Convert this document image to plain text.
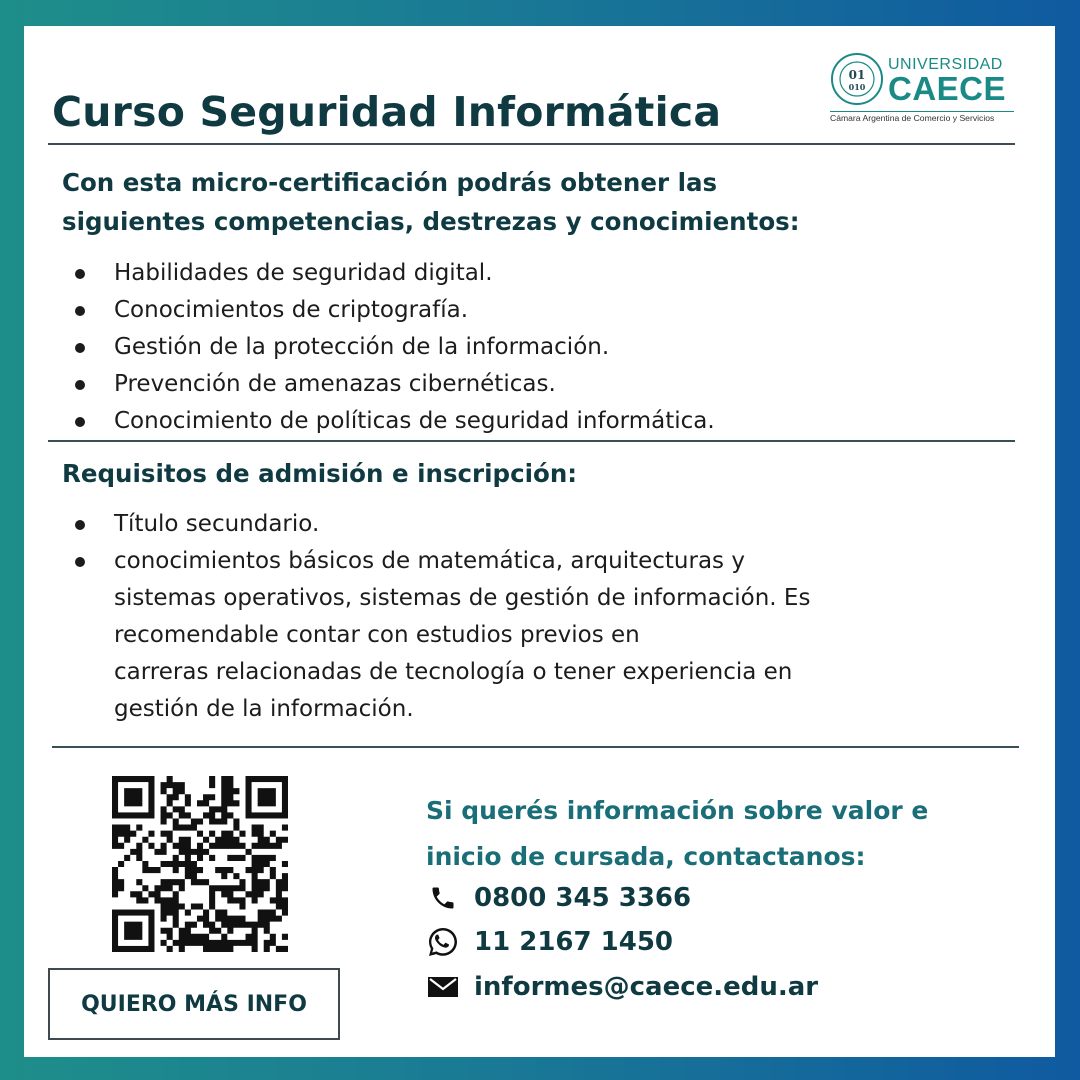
Curso Seguridad Informática
01
010
UNIVERSIDAD
CAECE
Cámara Argentina de Comercio y Servicios
Con esta micro-certificación podrás obtener las
siguientes competencias, destrezas y conocimientos:
Habilidades de seguridad digital.
Conocimientos de criptografía.
Gestión de la protección de la información.
Prevención de amenazas cibernéticas.
Conocimiento de políticas de seguridad informática.
Requisitos de admisión e inscripción:
Título secundario.
conocimientos básicos de matemática, arquitecturas y
sistemas operativos, sistemas de gestión de información. Es
recomendable contar con estudios previos en
carreras relacionadas de tecnología o tener experiencia en
gestión de la información.
QUIERO MÁS INFO
Si querés información sobre valor e
inicio de cursada, contactanos:
0800 345 3366
11 2167 1450
informes@caece.edu.ar
